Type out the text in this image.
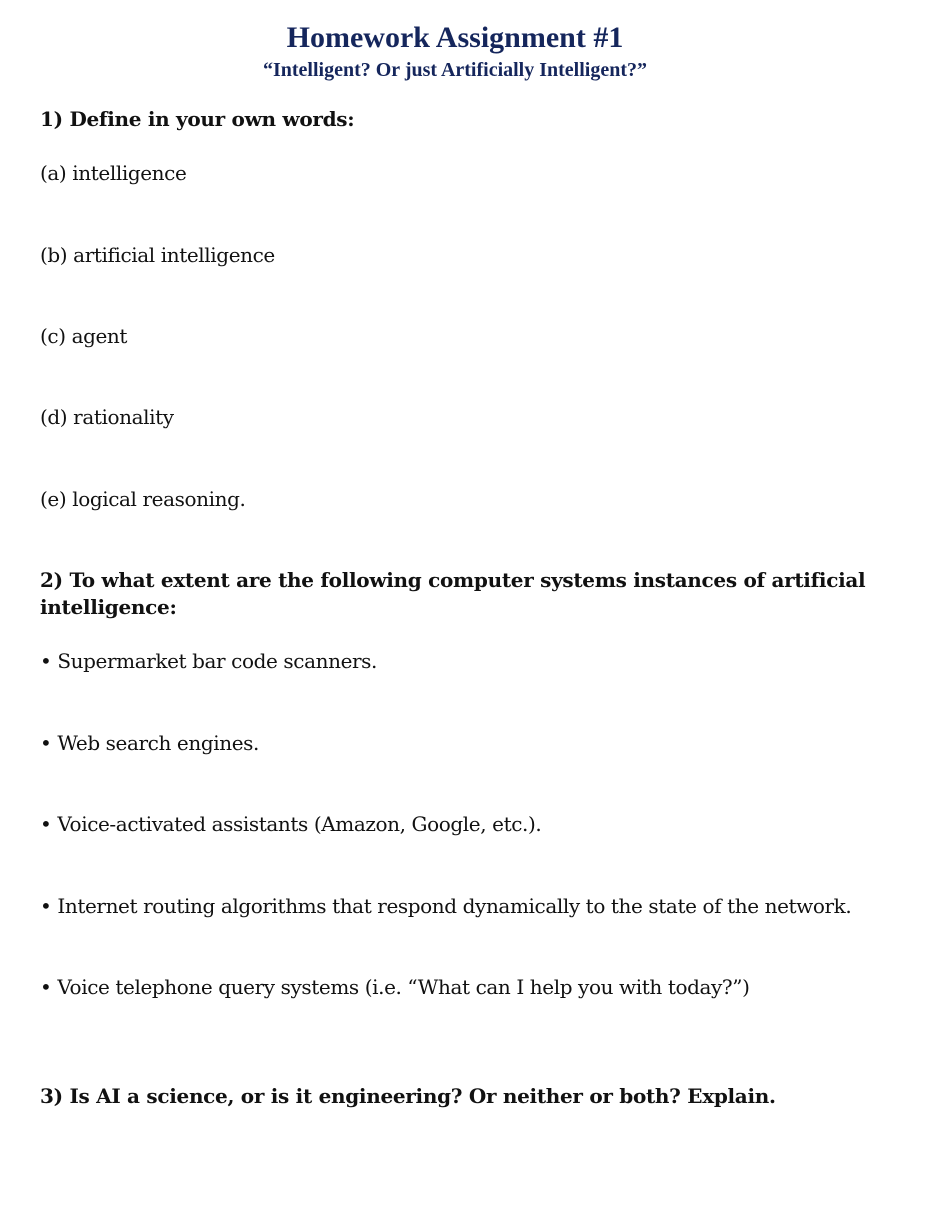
Homework Assignment #1
“Intelligent? Or just Artificially Intelligent?”
1) Define in your own words:
(a) intelligence
(b) artificial intelligence
(c) agent
(d) rationality
(e) logical reasoning.
2) To what extent are the following computer systems instances of artificial intelligence:
• Supermarket bar code scanners.
• Web search engines.
• Voice-activated assistants (Amazon, Google, etc.).
• Internet routing algorithms that respond dynamically to the state of the network.
• Voice telephone query systems (i.e. “What can I help you with today?”)
3) Is AI a science, or is it engineering? Or neither or both? Explain.
